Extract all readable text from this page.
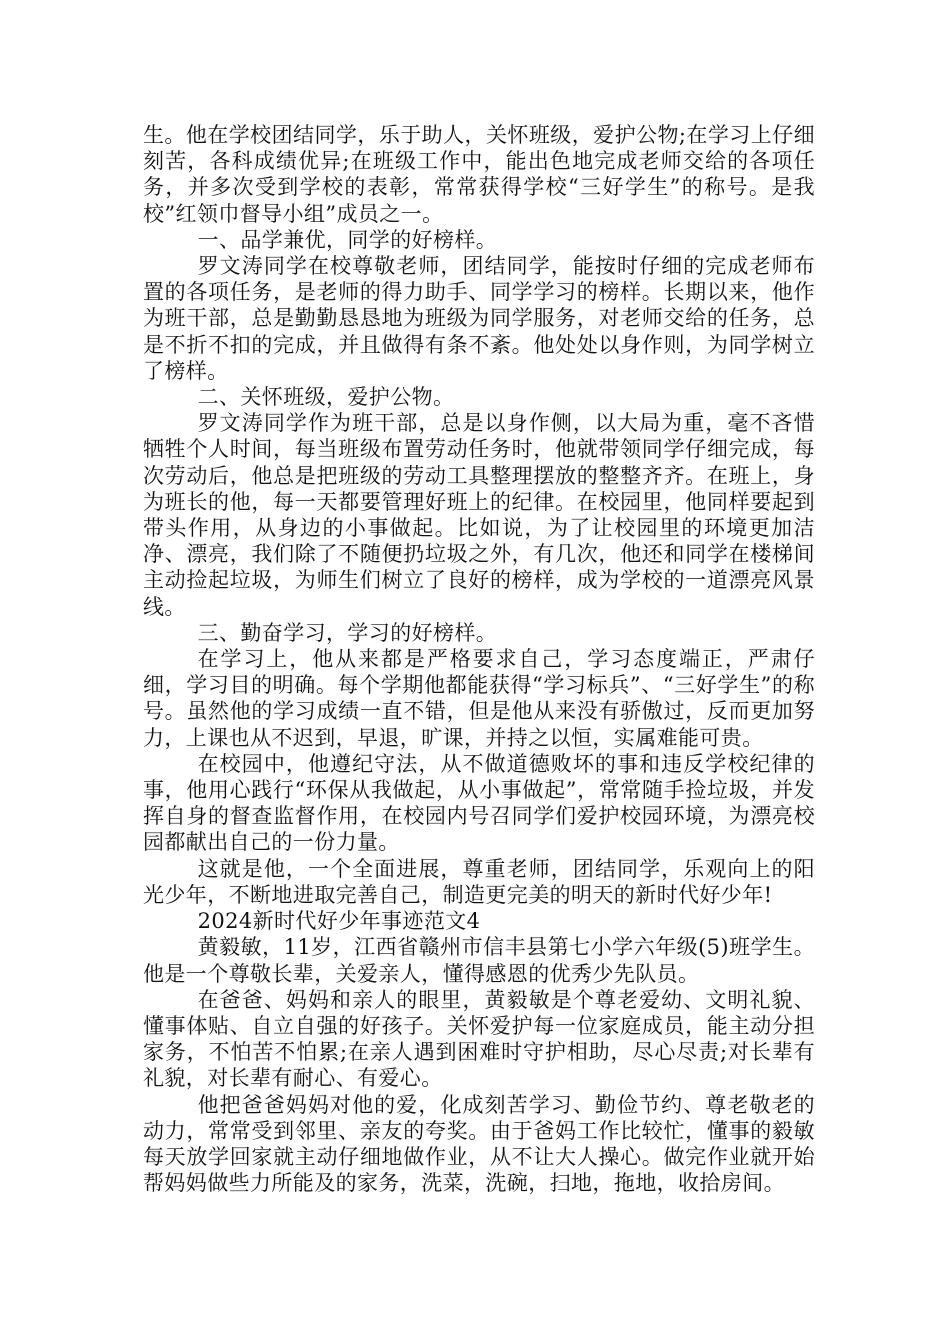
生。他在学校团结同学，乐于助人，关怀班级，爱护公物;在学习上仔细刻苦，各科成绩优异;在班级工作中，能出色地完成老师交给的各项任务，并多次受到学校的表彰，常常获得学校“三好学生”的称号。是我校”红领巾督导小组”成员之一。

一、品学兼优，同学的好榜样。

罗文涛同学在校尊敬老师，团结同学，能按时仔细的完成老师布置的各项任务，是老师的得力助手、同学学习的榜样。长期以来，他作为班干部，总是勤勤恳恳地为班级为同学服务，对老师交给的任务，总是不折不扣的完成，并且做得有条不紊。他处处以身作则，为同学树立了榜样。

二、关怀班级，爱护公物。

罗文涛同学作为班干部，总是以身作侧，以大局为重，毫不吝惜牺牲个人时间，每当班级布置劳动任务时，他就带领同学仔细完成，每次劳动后，他总是把班级的劳动工具整理摆放的整整齐齐。在班上，身为班长的他，每一天都要管理好班上的纪律。在校园里，他同样要起到带头作用，从身边的小事做起。比如说，为了让校园里的环境更加洁净、漂亮，我们除了不随便扔垃圾之外，有几次，他还和同学在楼梯间主动捡起垃圾，为师生们树立了良好的榜样，成为学校的一道漂亮风景线。

三、勤奋学习，学习的好榜样。

在学习上，他从来都是严格要求自己，学习态度端正，严肃仔细，学习目的明确。每个学期他都能获得“学习标兵”、“三好学生”的称号。虽然他的学习成绩一直不错，但是他从来没有骄傲过，反而更加努力，上课也从不迟到，早退，旷课，并持之以恒，实属难能可贵。

在校园中，他遵纪守法，从不做道德败坏的事和违反学校纪律的事，他用心践行“环保从我做起，从小事做起”，常常随手捡垃圾，并发挥自身的督查监督作用，在校园内号召同学们爱护校园环境，为漂亮校园都献出自己的一份力量。

这就是他，一个全面进展，尊重老师，团结同学，乐观向上的阳光少年，不断地进取完善自己，制造更完美的明天的新时代好少年!

2024新时代好少年事迹范文4

黄毅敏，11岁，江西省赣州市信丰县第七小学六年级(5)班学生。他是一个尊敬长辈，关爱亲人，懂得感恩的优秀少先队员。

在爸爸、妈妈和亲人的眼里，黄毅敏是个尊老爱幼、文明礼貌、懂事体贴、自立自强的好孩子。关怀爱护每一位家庭成员，能主动分担家务，不怕苦不怕累;在亲人遇到困难时守护相助，尽心尽责;对长辈有礼貌，对长辈有耐心、有爱心。

他把爸爸妈妈对他的爱，化成刻苦学习、勤俭节约、尊老敬老的动力，常常受到邻里、亲友的夸奖。由于爸妈工作比较忙，懂事的毅敏每天放学回家就主动仔细地做作业，从不让大人操心。做完作业就开始帮妈妈做些力所能及的家务，洗菜，洗碗，扫地，拖地，收拾房间。
